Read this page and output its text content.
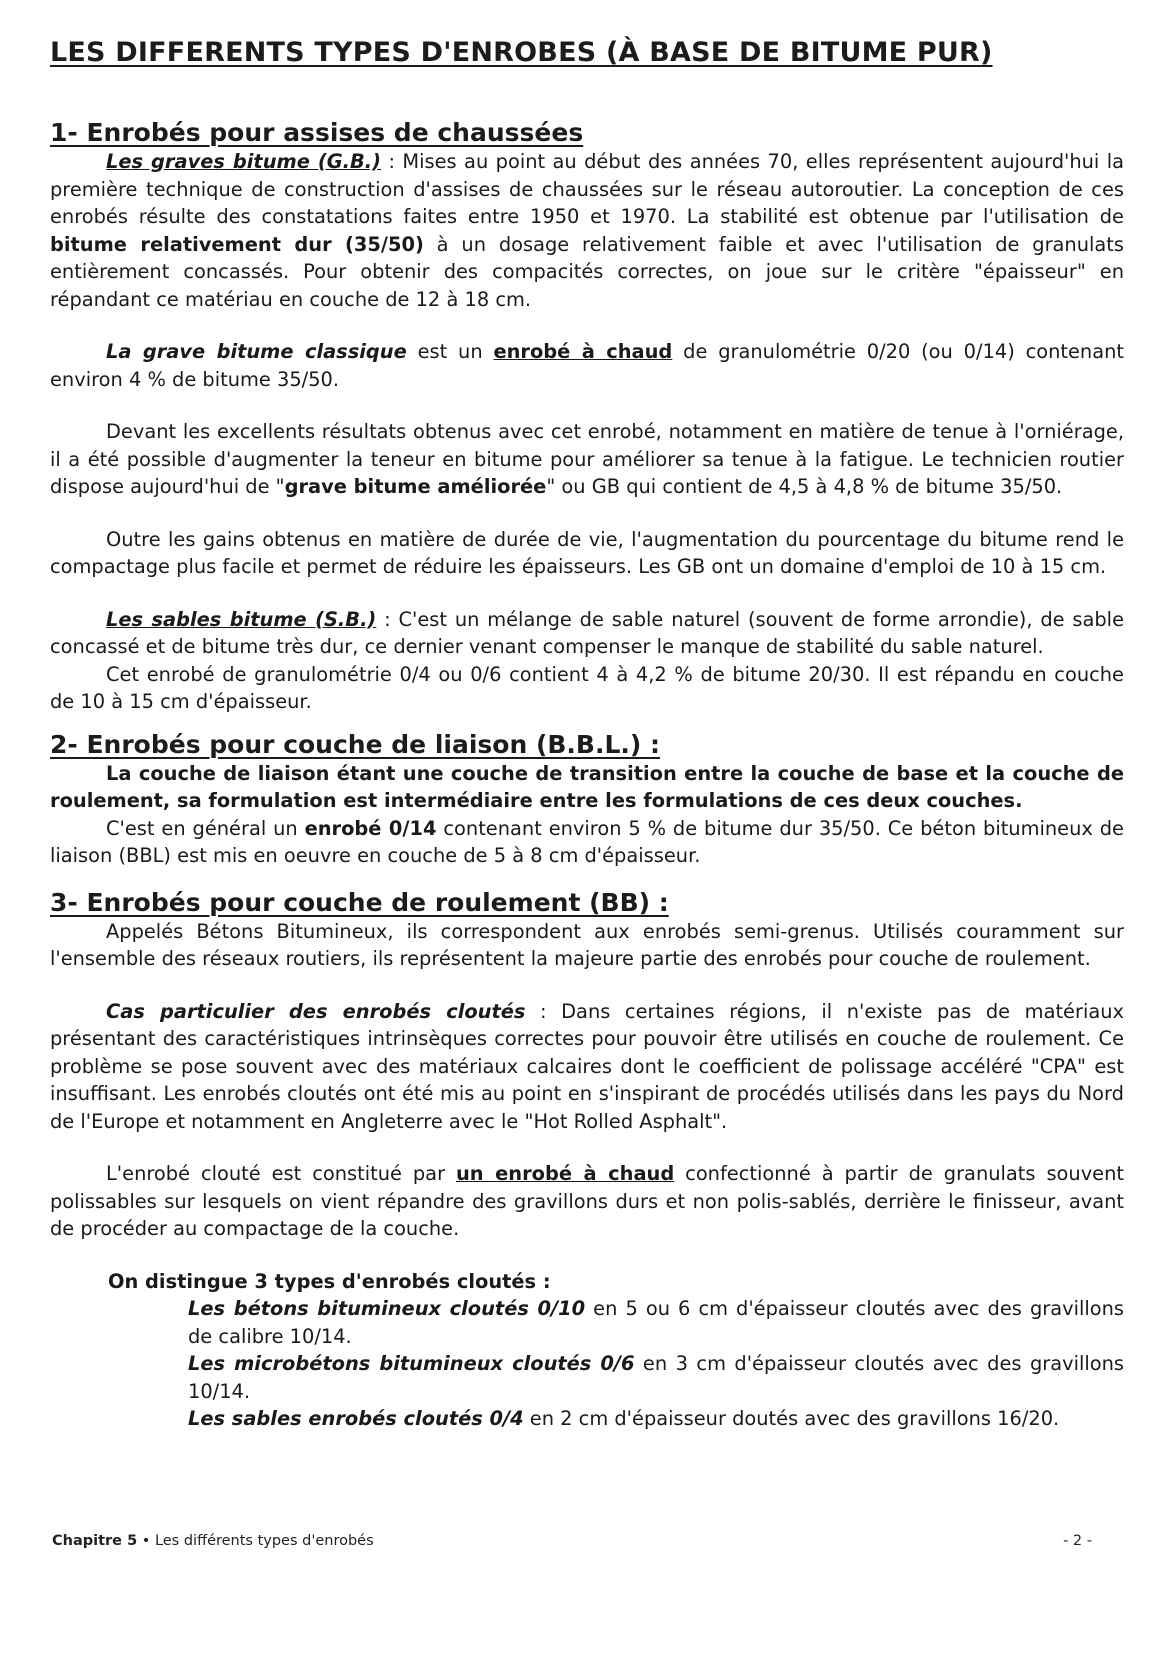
LES DIFFERENTS TYPES D'ENROBES (À BASE DE BITUME PUR)
1- Enrobés pour assises de chaussées

Les graves bitume (G.B.) : Mises au point au début des années 70, elles représentent aujourd'hui la première technique de construction d'assises de chaussées sur le réseau autoroutier. La conception de ces enrobés résulte des constatations faites entre 1950 et 1970. La stabilité est obtenue par l'utilisation de bitume relativement dur (35/50) à un dosage relativement faible et avec l'utilisation de granulats entièrement concassés. Pour obtenir des compacités correctes, on joue sur le critère "épaisseur" en répandant ce matériau en couche de 12 à 18 cm.

La grave bitume classique est un enrobé à chaud de granulométrie 0/20 (ou 0/14) contenant environ 4 % de bitume 35/50.

Devant les excellents résultats obtenus avec cet enrobé, notamment en matière de tenue à l'orniérage, il a été possible d'augmenter la teneur en bitume pour améliorer sa tenue à la fatigue. Le technicien routier dispose aujourd'hui de "grave bitume améliorée" ou GB qui contient de 4,5 à 4,8 % de bitume 35/50.

Outre les gains obtenus en matière de durée de vie, l'augmentation du pourcentage du bitume rend le compactage plus facile et permet de réduire les épaisseurs. Les GB ont un domaine d'emploi de 10 à 15 cm.

Les sables bitume (S.B.) : C'est un mélange de sable naturel (souvent de forme arrondie), de sable concassé et de bitume très dur, ce dernier venant compenser le manque de stabilité du sable naturel.

Cet enrobé de granulométrie 0/4 ou 0/6 contient 4 à 4,2 % de bitume 20/30. Il est répandu en couche de 10 à 15 cm d'épaisseur.

2- Enrobés pour couche de liaison (B.B.L.) :

La couche de liaison étant une couche de transition entre la couche de base et la couche de roulement, sa formulation est intermédiaire entre les formulations de ces deux couches.

C'est en général un enrobé 0/14 contenant environ 5 % de bitume dur 35/50. Ce béton bitumineux de liaison (BBL) est mis en oeuvre en couche de 5 à 8 cm d'épaisseur.

3- Enrobés pour couche de roulement (BB) :

Appelés Bétons Bitumineux, ils correspondent aux enrobés semi-grenus. Utilisés couramment sur l'ensemble des réseaux routiers, ils représentent la majeure partie des enrobés pour couche de roulement.

Cas particulier des enrobés cloutés : Dans certaines régions, il n'existe pas de matériaux présentant des caractéristiques intrinsèques correctes pour pouvoir être utilisés en couche de roulement. Ce problème se pose souvent avec des matériaux calcaires dont le coefficient de polissage accéléré "CPA" est insuffisant. Les enrobés cloutés ont été mis au point en s'inspirant de procédés utilisés dans les pays du Nord de l'Europe et notamment en Angleterre avec le "Hot Rolled Asphalt".

L'enrobé clouté est constitué par un enrobé à chaud confectionné à partir de granulats souvent polissables sur lesquels on vient répandre des gravillons durs et non polis-sablés, derrière le finisseur, avant de procéder au compactage de la couche.

On distingue 3 types d'enrobés cloutés :

Les bétons bitumineux cloutés 0/10 en 5 ou 6 cm d'épaisseur cloutés avec des gravillons de calibre 10/14.

Les microbétons bitumineux cloutés 0/6 en 3 cm d'épaisseur cloutés avec des gravillons 10/14.

Les sables enrobés cloutés 0/4 en 2 cm d'épaisseur doutés avec des gravillons 16/20.

Chapitre 5 • Les différents types d'enrobés	- 2 -
